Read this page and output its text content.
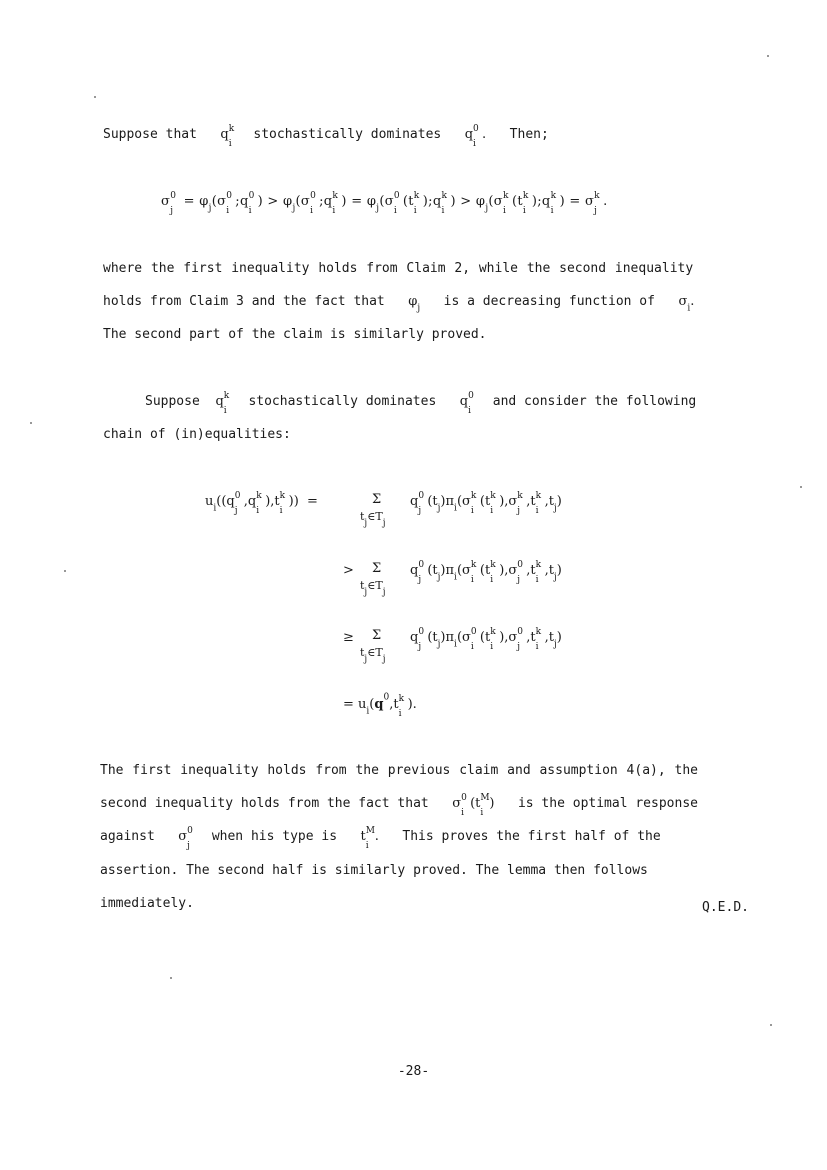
Suppose that q k
i
stochastically dominates q 0
i
. Then;
σ 0
j
= $\varphi_j(\sigma$ 0
i
;q 0
i
) > $\varphi_j(\sigma$ 0
i
;q k
i
) = $\varphi_j(\sigma$ 0
i
(t k
i
);q k
i
) > $\varphi_j(\sigma$ k
i
(t k
i
);q k
i
) = σ k
j
.
where the first inequality holds from Claim 2, while the second inequality
holds from Claim 3 and the fact that $\varphi_j$ is a decreasing function of $\sigma_i$.
The second part of the claim is similarly proved.
Suppose q k
i
stochastically dominates q 0
i
and consider the following
chain of (in)equalities:
$u_i((q$ 0
j
,q k
i
),t k
i
))  =	Σ
$t_j\in T_j$
q 0
j
$(t_j)\pi_i(\sigma$ k
i
(t k
i
),σ k
j
,t k
i
$,t_j$)
> Σ
$t_j\in T_j$
q 0
j
$(t_j)\pi_i(\sigma$ k
i
(t k
i
),σ 0
j
,t k
i
$,t_j$)
≥ Σ
$t_j\in T_j$
q 0
j
$(t_j)\pi_i(\sigma$ 0
i
(t k
i
),σ 0
j
,t k
i
$,t_j$)
= $u_i(q^0,t$ k
i
).
The first inequality holds from the previous claim and assumption 4(a), the
second inequality holds from the fact that σ 0
i
(t M
i
) is the optimal response
against σ 0
j
when his type is t M
i
. This proves the first half of the
assertion. The second half is similarly proved. The lemma then follows
immediately.	Q.E.D.
-28-
